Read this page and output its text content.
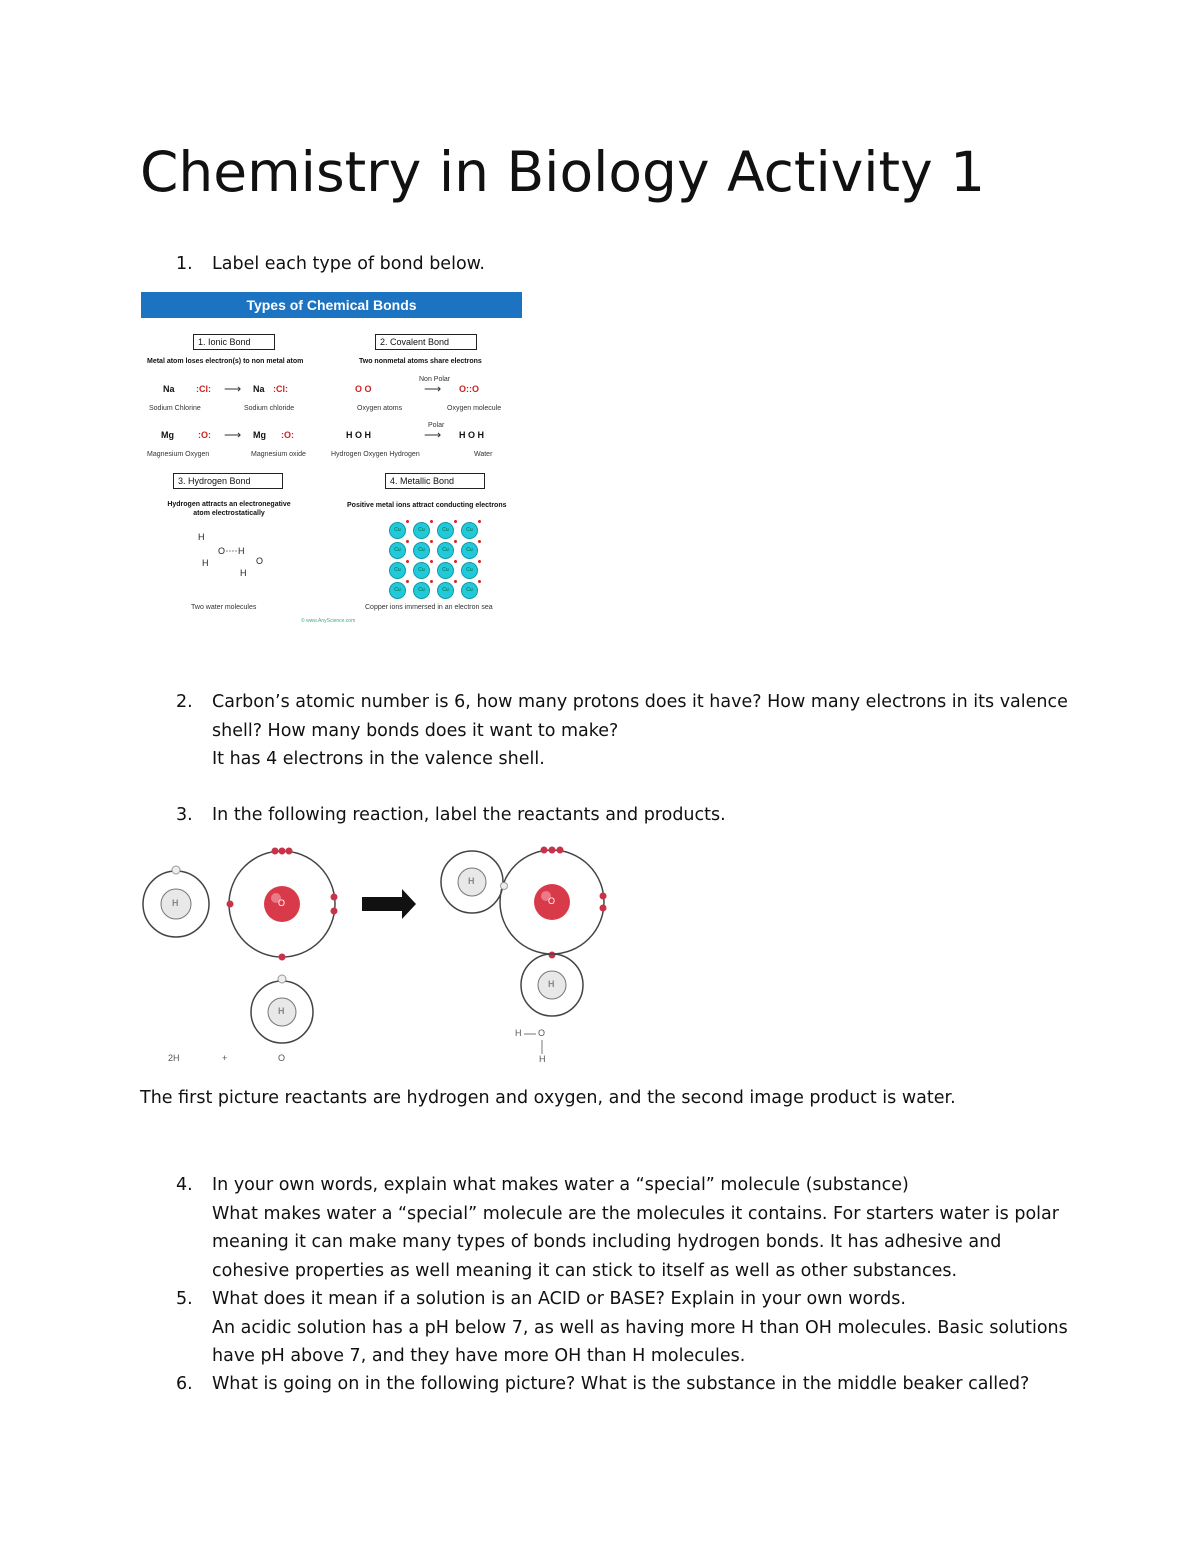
Chemistry in Biology Activity 1
1. Label each type of bond below.
Types of Chemical Bonds
1. Ionic Bond
Metal atom loses electron(s) to non metal atom
Na :Cl: ⟶ Na :Cl:
Sodium Chlorine	Sodium chloride
Mg	:O: ⟶ Mg :O:
Magnesium Oxygen	Magnesium oxide
2. Covalent Bond
Two nonmetal atoms share electrons
O O
Non Polar
⟶ O::O
Oxygen atoms	Oxygen molecule
H O H
Polar
⟶ H O H
Hydrogen Oxygen Hydrogen	Water
3. Hydrogen Bond
Hydrogen attracts an electronegative atom electrostatically
H
O
H
H
O
H
Two water molecules
4. Metallic Bond
Positive metal ions attract conducting electrons
Cu	Cu	Cu	Cu
Cu	Cu	Cu	Cu
Cu	Cu	Cu	Cu
Cu	Cu	Cu	Cu
Copper ions immersed in an electron sea
© www.AnyScience.com
2. Carbon’s atomic number is 6, how many protons does it have? How many electrons in its valence shell? How many bonds does it want to make?
It has 4 electrons in the valence shell.
3. In the following reaction, label the reactants and products.
H	O
H
H
O
H
2H	+	O
H O
H
The first picture reactants are hydrogen and oxygen, and the second image product is water.
4. In your own words, explain what makes water a “special” molecule (substance)
What makes water a “special” molecule are the molecules it contains. For starters water is polar
meaning it can make many types of bonds including hydrogen bonds. It has adhesive and
cohesive properties as well meaning it can stick to itself as well as other substances.
5. What does it mean if a solution is an ACID or BASE? Explain in your own words.
An acidic solution has a pH below 7, as well as having more H than OH molecules. Basic solutions
have pH above 7, and they have more OH than H molecules.
6. What is going on in the following picture? What is the substance in the middle beaker called?
